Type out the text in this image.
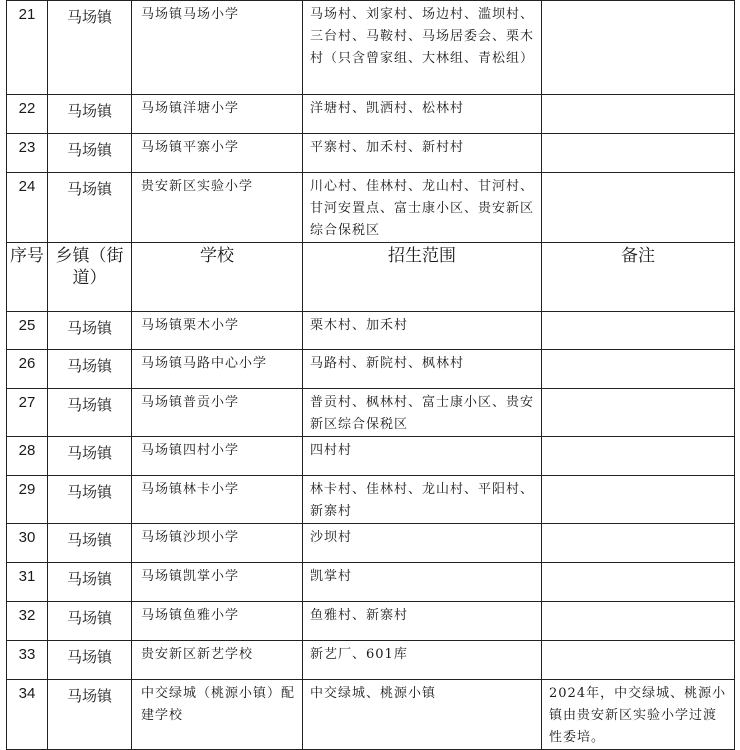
21	马场镇	马场镇马场小学	马场村、刘家村、场边村、滥坝村、三台村、马鞍村、马场居委会、栗木村（只含曾家组、大林组、青松组）	
22	马场镇	马场镇洋塘小学	洋塘村、凯洒村、松林村	
23	马场镇	马场镇平寨小学	平寨村、加禾村、新村村	
24	马场镇	贵安新区实验小学	川心村、佳林村、龙山村、甘河村、甘河安置点、富士康小区、贵安新区综合保税区	
序号	乡镇（街道）	学校	招生范围	备注
25	马场镇	马场镇栗木小学	栗木村、加禾村	
26	马场镇	马场镇马路中心小学	马路村、新院村、枫林村	
27	马场镇	马场镇普贡小学	普贡村、枫林村、富士康小区、贵安新区综合保税区	
28	马场镇	马场镇四村小学	四村村	
29	马场镇	马场镇林卡小学	林卡村、佳林村、龙山村、平阳村、新寨村	
30	马场镇	马场镇沙坝小学	沙坝村	
31	马场镇	马场镇凯掌小学	凯掌村	
32	马场镇	马场镇鱼雅小学	鱼雅村、新寨村	
33	马场镇	贵安新区新艺学校	新艺厂、601库	
34	马场镇	中交绿城（桃源小镇）配建学校	中交绿城、桃源小镇	2024年，中交绿城、桃源小镇由贵安新区实验小学过渡性委培。
